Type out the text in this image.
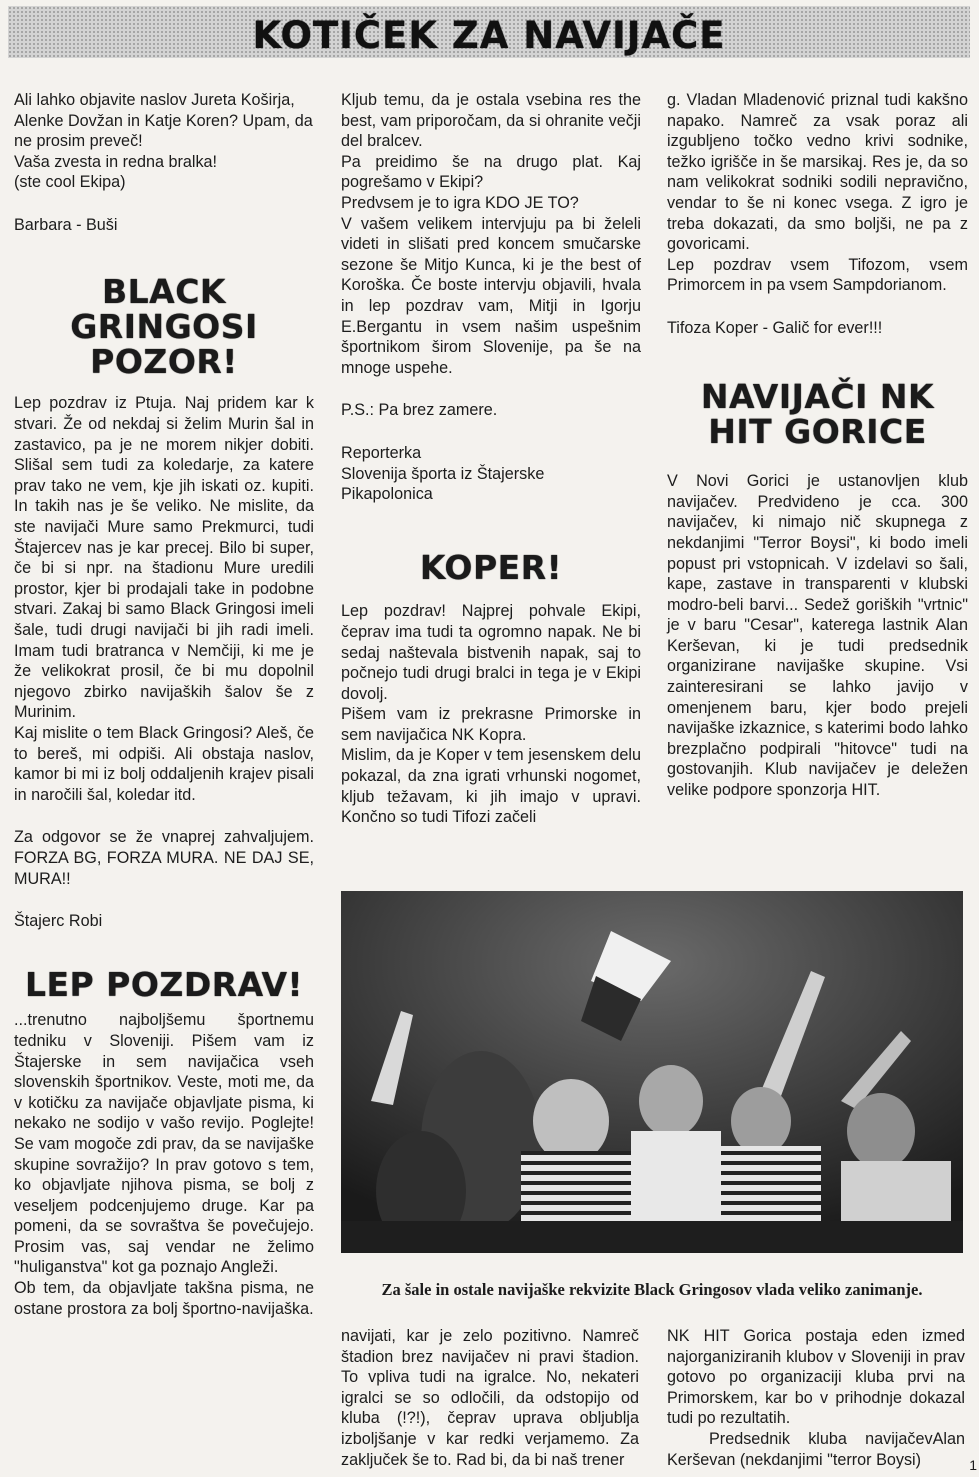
KOTIČEK ZA NAVIJAČE

Ali lahko objavite naslov Jureta Koširja, Alenke Dovžan in Katje Koren? Upam, da ne prosim preveč!

Vaša zvesta in redna bralka!

(ste cool Ekipa)

Barbara - Buši

BLACK
GRINGOSI
POZOR!

Lep pozdrav iz Ptuja. Naj pridem kar k stvari. Že od nekdaj si želim Murin šal in zastavico, pa je ne morem nikjer dobiti. Slišal sem tudi za koledarje, za katere prav tako ne vem, kje jih iskati oz. kupiti. In takih nas je še veliko. Ne mislite, da ste navijači Mure samo Prekmurci, tudi Štajercev nas je kar precej. Bilo bi super, če bi si npr. na štadionu Mure uredili prostor, kjer bi prodajali take in podobne stvari. Zakaj bi samo Black Gringosi imeli šale, tudi drugi navijači bi jih radi imeli. Imam tudi bratranca v Nemčiji, ki me je že velikokrat prosil, če bi mu dopolnil njegovo zbirko navijaških šalov še z Murinim.

Kaj mislite o tem Black Gringosi? Aleš, če to bereš, mi odpiši. Ali obstaja naslov, kamor bi mi iz bolj oddaljenih krajev pisali in naročili šal, koledar itd.

Za odgovor se že vnaprej zahvaljujem. FORZA BG, FORZA MURA. NE DAJ SE, MURA!!

Štajerc Robi

LEP POZDRAV!

...trenutno najboljšemu športnemu tedniku v Sloveniji. Pišem vam iz Štajerske in sem navijačica vseh slovenskih športnikov. Veste, moti me, da v kotičku za navijače objavljate pisma, ki nekako ne sodijo v vašo revijo. Poglejte! Se vam mogoče zdi prav, da se navijaške skupine sovražijo? In prav gotovo s tem, ko objavljate njihova pisma, se bolj z veseljem podcenjujemo druge. Kar pa pomeni, da se sovraštva še povečujejo. Prosim vas, saj vendar ne želimo "huliganstva" kot ga poznajo Angleži.

Ob tem, da objavljate takšna pisma, ne ostane prostora za bolj športno-navijaška.

Kljub temu, da je ostala vsebina res the best, vam priporočam, da si ohranite večji del bralcev.

Pa preidimo še na drugo plat. Kaj pogrešamo v Ekipi?

Predvsem je to igra KDO JE TO?

V vašem velikem intervjuju pa bi želeli videti in slišati pred koncem smučarske sezone še Mitjo Kunca, ki je the best of Koroška. Če boste intervju objavili, hvala in lep pozdrav vam, Mitji in Igorju E.Bergantu in vsem našim uspešnim športnikom širom Slovenije, pa še na mnoge uspehe.

P.S.: Pa brez zamere.

Reporterka

Slovenija športa iz Štajerske

Pikapolonica

KOPER!

Lep pozdrav! Najprej pohvale Ekipi, čeprav ima tudi ta ogromno napak. Ne bi sedaj naštevala bistvenih napak, saj to počnejo tudi drugi bralci in tega je v Ekipi dovolj.

Pišem vam iz prekrasne Primorske in sem navijačica NK Kopra.

Mislim, da je Koper v tem jesenskem delu pokazal, da zna igrati vrhunski nogomet, kljub težavam, ki jih imajo v upravi. Končno so tudi Tifozi začeli

g. Vladan Mladenović priznal tudi kakšno napako. Namreč za vsak poraz ali izgubljeno točko vedno krivi sodnike, težko igrišče in še marsikaj. Res je, da so nam velikokrat sodniki sodili nepravično, vendar to še ni konec vsega. Z igro je treba dokazati, da smo boljši, ne pa z govoricami.

Lep pozdrav vsem Tifozom, vsem Primorcem in pa vsem Sampdorianom.

Tifoza Koper - Galič for ever!!!

NAVIJAČI NK
HIT GORICE

V Novi Gorici je ustanovljen klub navijačev. Predvideno je cca. 300 navijačev, ki nimajo nič skupnega z nekdanjimi "Terror Boysi", ki bodo imeli popust pri vstopnicah. V izdelavi so šali, kape, zastave in transparenti v klubski modro-beli barvi... Sedež goriških "vrtnic" je v baru "Cesar", katerega lastnik Alan Kerševan, ki je tudi predsednik organizirane navijaške skupine. Vsi zainteresirani se lahko javijo v omenjenem baru, kjer bodo prejeli navijaške izkaznice, s katerimi bodo lahko brezplačno podpirali "hitovce" tudi na gostovanjih. Klub navijačev je deležen velike podpore sponzorja HIT.

Za šale in ostale navijaške rekvizite Black Gringosov vlada veliko zanimanje.

navijati, kar je zelo pozitivno. Namreč štadion brez navijačev ni pravi štadion. To vpliva tudi na igralce. No, nekateri igralci se so odločili, da odstopijo od kluba (!?!), čeprav uprava obljublja izboljšanje v kar redki verjamemo. Za zaključek še to. Rad bi, da bi naš trener

NK HIT Gorica postaja eden izmed najorganiziranih klubov v Sloveniji in prav gotovo po organizaciji kluba prvi na Primorskem, kar bo v prihodnje dokazal tudi po rezultatih.

Predsednik kluba navijačevAlan Kerševan (nekdanjimi "terror Boysi)	1
